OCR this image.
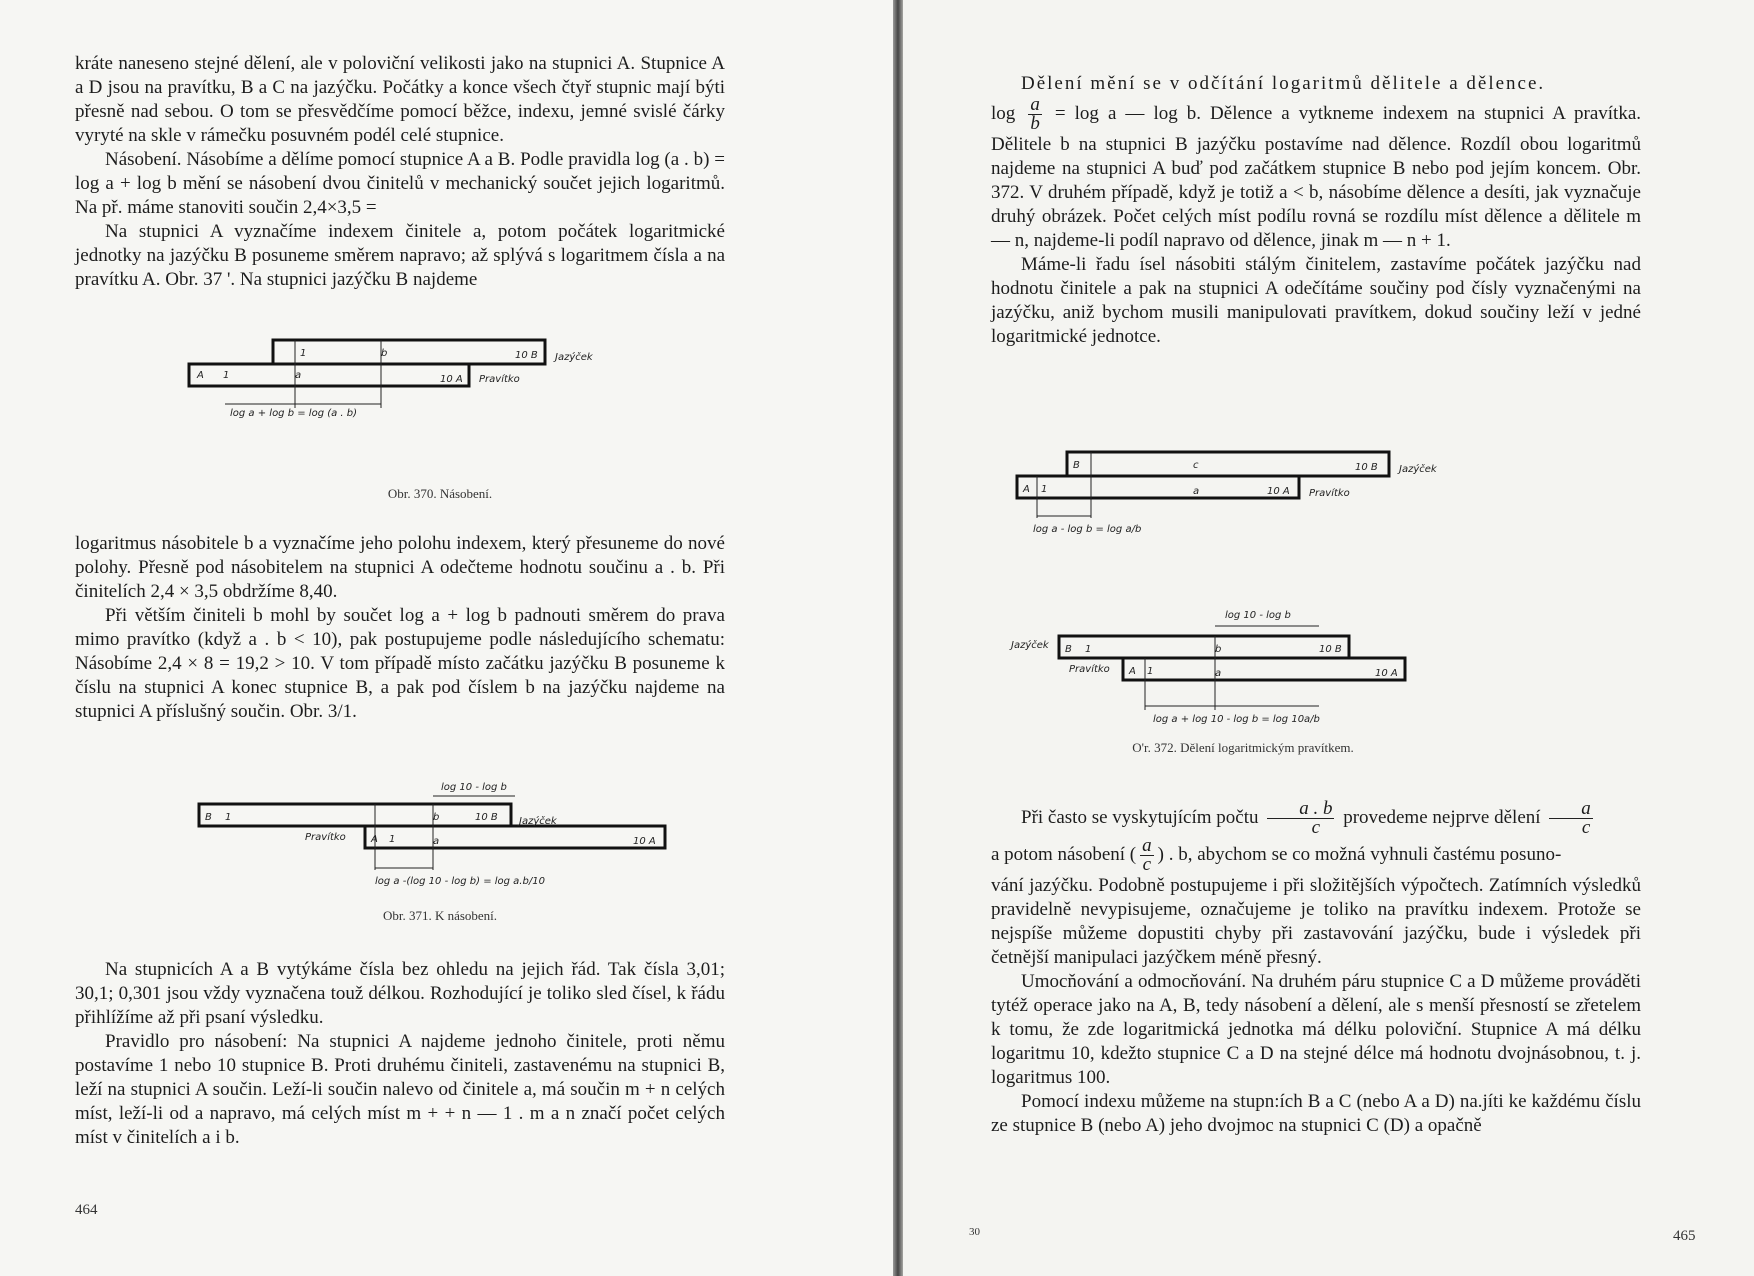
kráte naneseno stejné dělení, ale v poloviční velikosti jako na stupnici A. Stupnice A a D jsou na pravítku, B a C na jazýčku. Počátky a konce všech čtyř stupnic mají býti přesně nad sebou. O tom se přesvědčíme pomocí běžce, indexu, jemné svislé čárky vyryté na skle v rámečku posuvném podél celé stupnice.

Násobení. Násobíme a dělíme pomocí stupnice A a B. Podle pravidla log (a . b) = log a + log b mění se násobení dvou činitelů v mechanický součet jejich logaritmů. Na př. máme stanoviti součin 2,4×3,5 =

Na stupnici A vyznačíme indexem činitele a, potom počátek logaritmické jednotky na jazýčku B posuneme směrem napravo; až splývá s logaritmem čísla a na pravítku A. Obr. 37 '. Na stupnici jazýčku B najdeme

1	b	10 B Jazýček
A 1	a	10 A Pravítko
log a + log b = log (a . b)
Obr. 370. Násobení.

logaritmus násobitele b a vyznačíme jeho polohu indexem, který přesuneme do nové polohy. Přesně pod násobitelem na stupnici A odečteme hodnotu součinu a . b. Při činitelích 2,4 × 3,5 obdržíme 8,40.

Při větším činiteli b mohl by součet log a + log b padnouti směrem do prava mimo pravítko (když a . b < 10), pak postupujeme podle následujícího schematu: Násobíme 2,4 × 8 = 19,2 > 10. V tom případě místo začátku jazýčku B posuneme k číslu na stupnici A konec stupnice B, a pak pod číslem b na jazýčku najdeme na stupnici A příslušný součin. Obr. 3/1.

log 10 - log b
B 1	b	10 B Jazýček
Pravítko	A 1	a	10 A
log a -(log 10 - log b) = log a.b/10
Obr. 371. K násobení.

Na stupnicích A a B vytýkáme čísla bez ohledu na jejich řád. Tak čísla 3,01; 30,1; 0,301 jsou vždy vyznačena touž délkou. Rozhodující je toliko sled čísel, k řádu přihlížíme až při psaní výsledku.

Pravidlo pro násobení: Na stupnici A najdeme jednoho činitele, proti němu postavíme 1 nebo 10 stupnice B. Proti druhému činiteli, zastavenému na stupnici B, leží na stupnici A součin. Leží-li součin nalevo od činitele a, má součin m + n celých míst, leží-li od a napravo, má celých míst m + + n — 1 . m a n značí počet celých míst v činitelích a i b.

464

Dělení mění se v odčítání logaritmů dělitele a dělence.

$\log \frac{a}{b} = \log a$ — log b. Dělence a vytkneme indexem na stupnici A pravítka. Dělitele b na stupnici B jazýčku postavíme nad dělence. Rozdíl obou logaritmů najdeme na stupnici A buď pod začátkem stupnice B nebo pod jejím koncem. Obr. 372. V druhém případě, když je totiž a < b, násobíme dělence a desíti, jak vyznačuje druhý obrázek. Počet celých míst podílu rovná se rozdílu míst dělence a dělitele m — n, najdeme-li podíl napravo od dělence, jinak m — n + 1.

Máme-li řadu ísel násobiti stálým činitelem, zastavíme počátek jazýčku nad hodnotu činitele a pak na stupnici A odečítáme součiny pod čísly vyznačenými na jazýčku, aniž bychom musili manipulovati pravítkem, dokud součiny leží v jedné logaritmické jednotce.

B	c	10 B Jazýček
A 1	a	10 A Pravítko
log a - log b = log a/b
log 10 - log b
Jazýček B 1	b	10 B
Pravítko A 1	a	10 A
log a + log 10 - log b = log 10a/b
O'r. 372. Dělení logaritmickým pravítkem.

Při často se vyskytujícím počtu $\frac{a . b}{c}$ provedeme nejprve dělení $\frac{a}{c}$

a potom násobení ( $\frac{a}{c}$ ) . b, abychom se co možná vyhnuli častému posuno-

vání jazýčku. Podobně postupujeme i při složitějších výpočtech. Zatímních výsledků pravidelně nevypisujeme, označujeme je toliko na pravítku indexem. Protože se nejspíše můžeme dopustiti chyby při zastavování jazýčku, bude i výsledek při četnější manipulaci jazýčkem méně přesný.

Umocňování a odmocňování. Na druhém páru stupnice C a D můžeme prováděti tytéž operace jako na A, B, tedy násobení a dělení, ale s menší přesností se zřetelem k tomu, že zde logaritmická jednotka má délku poloviční. Stupnice A má délku logaritmu 10, kdežto stupnice C a D na stejné délce má hodnotu dvojnásobnou, t. j. logaritmus 100.

Pomocí indexu můžeme na stupn:ích B a C (nebo A a D) na.jíti ke každému číslu ze stupnice B (nebo A) jeho dvojmoc na stupnici C (D) a opačně

30	465
